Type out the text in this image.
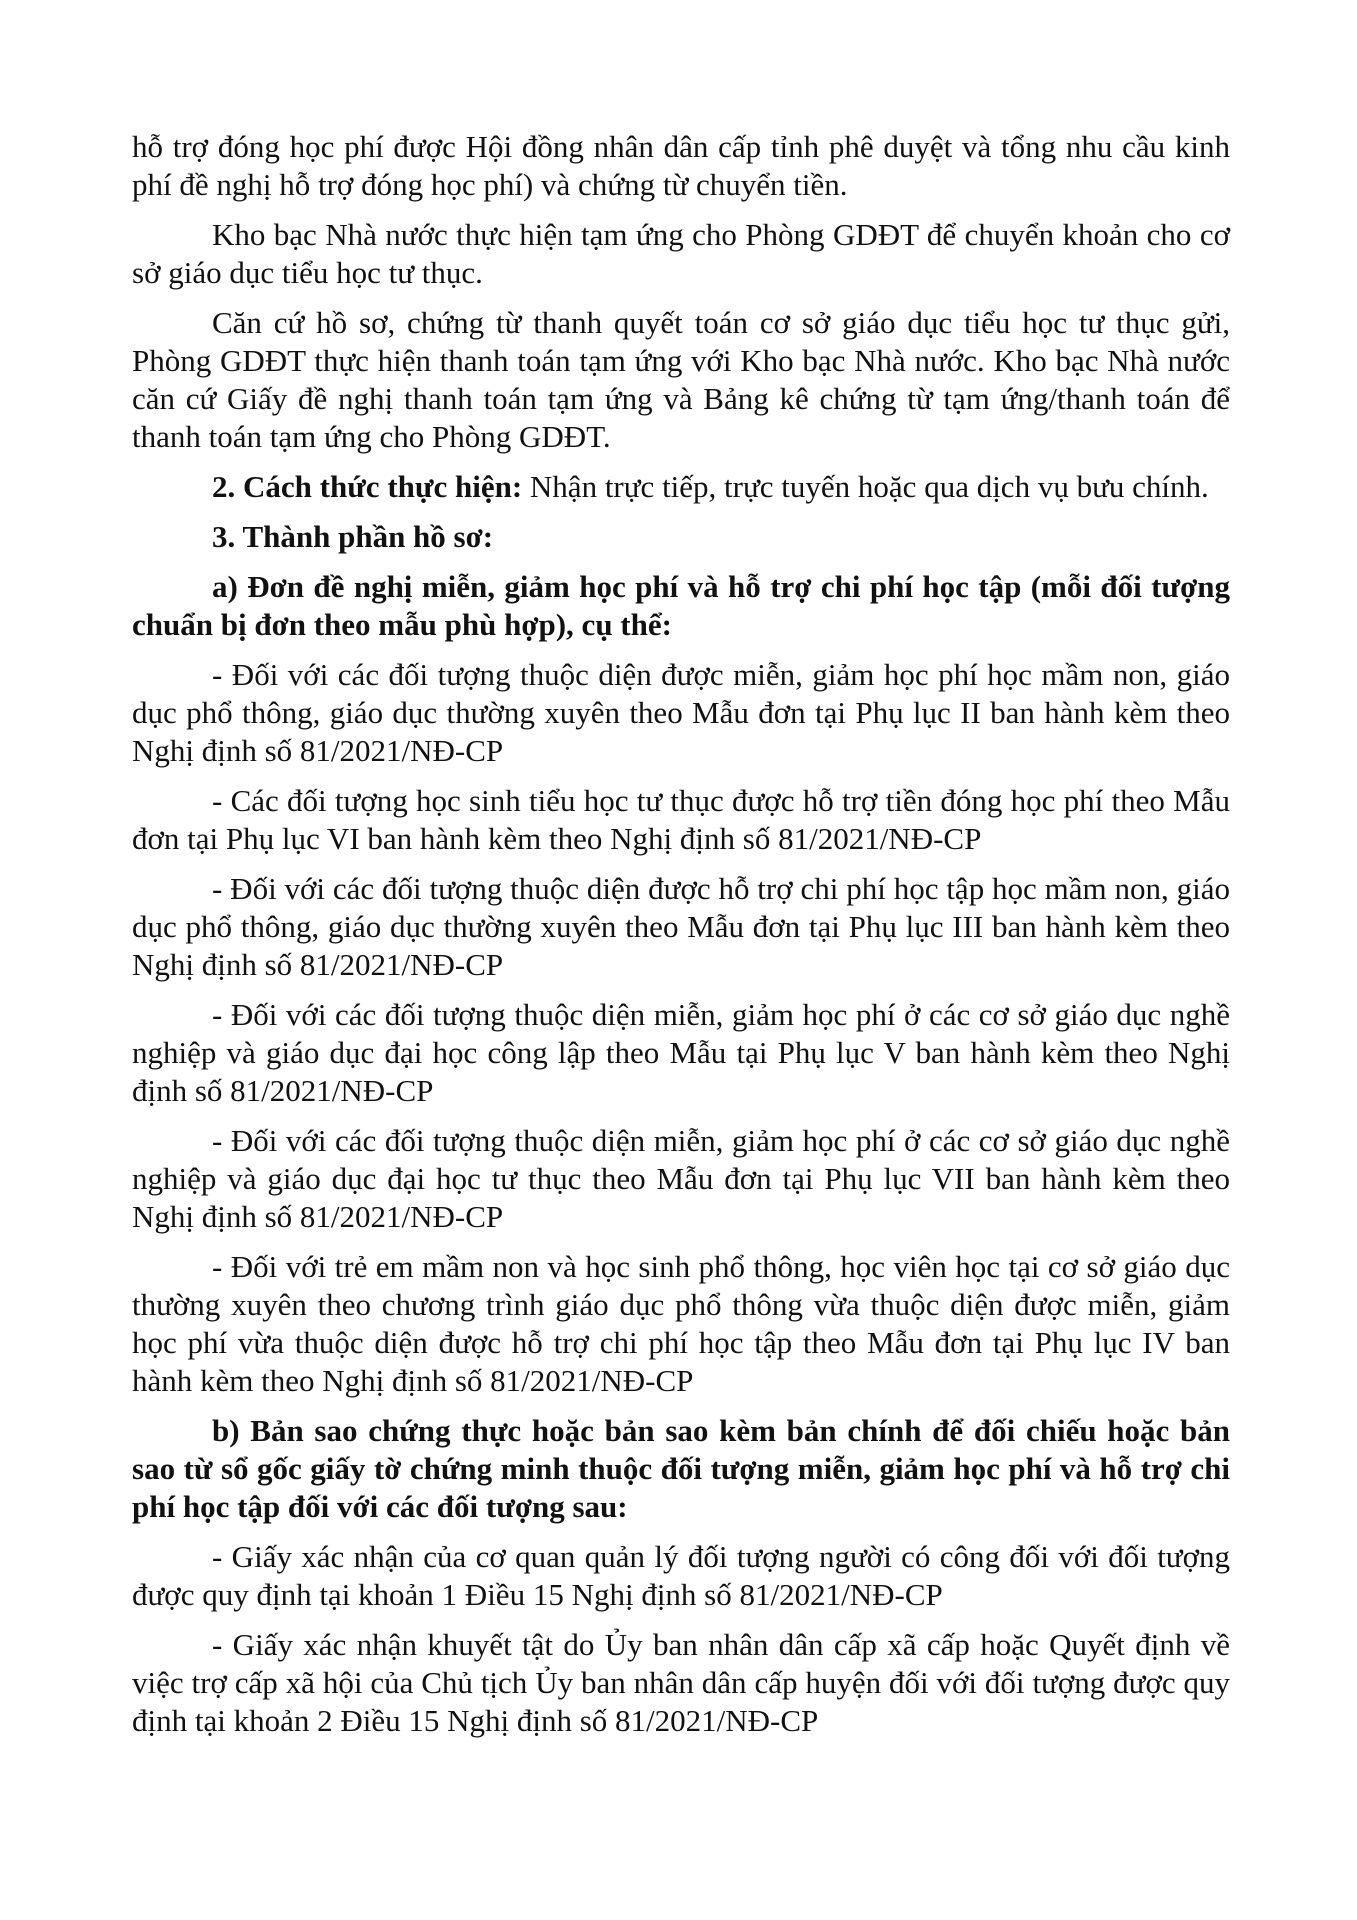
hỗ trợ đóng học phí được Hội đồng nhân dân cấp tỉnh phê duyệt và tổng nhu cầu kinh phí đề nghị hỗ trợ đóng học phí) và chứng từ chuyển tiền.

Kho bạc Nhà nước thực hiện tạm ứng cho Phòng GDĐT để chuyển khoản cho cơ sở giáo dục tiểu học tư thục.

Căn cứ hồ sơ, chứng từ thanh quyết toán cơ sở giáo dục tiểu học tư thục gửi, Phòng GDĐT thực hiện thanh toán tạm ứng với Kho bạc Nhà nước. Kho bạc Nhà nước căn cứ Giấy đề nghị thanh toán tạm ứng và Bảng kê chứng từ tạm ứng/thanh toán để thanh toán tạm ứng cho Phòng GDĐT.

2. Cách thức thực hiện: Nhận trực tiếp, trực tuyến hoặc qua dịch vụ bưu chính.

3. Thành phần hồ sơ:

a) Đơn đề nghị miễn, giảm học phí và hỗ trợ chi phí học tập (mỗi đối tượng chuẩn bị đơn theo mẫu phù hợp), cụ thể:

- Đối với các đối tượng thuộc diện được miễn, giảm học phí học mầm non, giáo dục phổ thông, giáo dục thường xuyên theo Mẫu đơn tại Phụ lục II ban hành kèm theo Nghị định số 81/2021/NĐ-CP

- Các đối tượng học sinh tiểu học tư thục được hỗ trợ tiền đóng học phí theo Mẫu đơn tại Phụ lục VI ban hành kèm theo Nghị định số 81/2021/NĐ-CP

- Đối với các đối tượng thuộc diện được hỗ trợ chi phí học tập học mầm non, giáo dục phổ thông, giáo dục thường xuyên theo Mẫu đơn tại Phụ lục III ban hành kèm theo Nghị định số 81/2021/NĐ-CP

- Đối với các đối tượng thuộc diện miễn, giảm học phí ở các cơ sở giáo dục nghề nghiệp và giáo dục đại học công lập theo Mẫu tại Phụ lục V ban hành kèm theo Nghị định số 81/2021/NĐ-CP

- Đối với các đối tượng thuộc diện miễn, giảm học phí ở các cơ sở giáo dục nghề nghiệp và giáo dục đại học tư thục theo Mẫu đơn tại Phụ lục VII ban hành kèm theo Nghị định số 81/2021/NĐ-CP

- Đối với trẻ em mầm non và học sinh phổ thông, học viên học tại cơ sở giáo dục thường xuyên theo chương trình giáo dục phổ thông vừa thuộc diện được miễn, giảm học phí vừa thuộc diện được hỗ trợ chi phí học tập theo Mẫu đơn tại Phụ lục IV ban hành kèm theo Nghị định số 81/2021/NĐ-CP

b) Bản sao chứng thực hoặc bản sao kèm bản chính để đối chiếu hoặc bản sao từ sổ gốc giấy tờ chứng minh thuộc đối tượng miễn, giảm học phí và hỗ trợ chi phí học tập đối với các đối tượng sau:

- Giấy xác nhận của cơ quan quản lý đối tượng người có công đối với đối tượng được quy định tại khoản 1 Điều 15 Nghị định số 81/2021/NĐ-CP

- Giấy xác nhận khuyết tật do Ủy ban nhân dân cấp xã cấp hoặc Quyết định về việc trợ cấp xã hội của Chủ tịch Ủy ban nhân dân cấp huyện đối với đối tượng được quy định tại khoản 2 Điều 15 Nghị định số 81/2021/NĐ-CP
